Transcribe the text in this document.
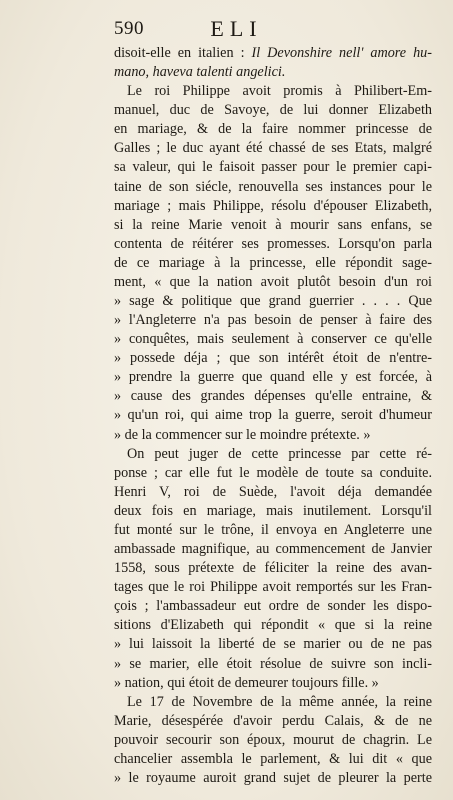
590	ELI
disoit-elle en italien : Il Devonshire nell' amore hu-
mano, haveva talenti angelici.
Le roi Philippe avoit promis à Philibert-Em-
manuel, duc de Savoye, de lui donner Elizabeth
en mariage, & de la faire nommer princesse de
Galles ; le duc ayant été chassé de ses Etats, malgré
sa valeur, qui le faisoit passer pour le premier capi-
taine de son siécle, renouvella ses instances pour le
mariage ; mais Philippe, résolu d'épouser Elizabeth,
si la reine Marie venoit à mourir sans enfans, se
contenta de réitérer ses promesses. Lorsqu'on parla
de ce mariage à la princesse, elle répondit sage-
ment, « que la nation avoit plutôt besoin d'un roi
» sage & politique que grand guerrier . . . . Que
» l'Angleterre n'a pas besoin de penser à faire des
» conquêtes, mais seulement à conserver ce qu'elle
» possede déja ; que son intérêt étoit de n'entre-
» prendre la guerre que quand elle y est forcée, à
» cause des grandes dépenses qu'elle entraine, &
» qu'un roi, qui aime trop la guerre, seroit d'humeur
» de la commencer sur le moindre prétexte. »
On peut juger de cette princesse par cette ré-
ponse ; car elle fut le modèle de toute sa conduite.
Henri V, roi de Suède, l'avoit déja demandée
deux fois en mariage, mais inutilement. Lorsqu'il
fut monté sur le trône, il envoya en Angleterre une
ambassade magnifique, au commencement de Janvier
1558, sous prétexte de féliciter la reine des avan-
tages que le roi Philippe avoit remportés sur les Fran-
çois ; l'ambassadeur eut ordre de sonder les dispo-
sitions d'Elizabeth qui répondit « que si la reine
» lui laissoit la liberté de se marier ou de ne pas
» se marier, elle étoit résolue de suivre son incli-
» nation, qui étoit de demeurer toujours fille. »
Le 17 de Novembre de la même année, la reine
Marie, désespérée d'avoir perdu Calais, & de ne
pouvoir secourir son époux, mourut de chagrin. Le
chancelier assembla le parlement, & lui dit « que
» le royaume auroit grand sujet de pleurer la perte
